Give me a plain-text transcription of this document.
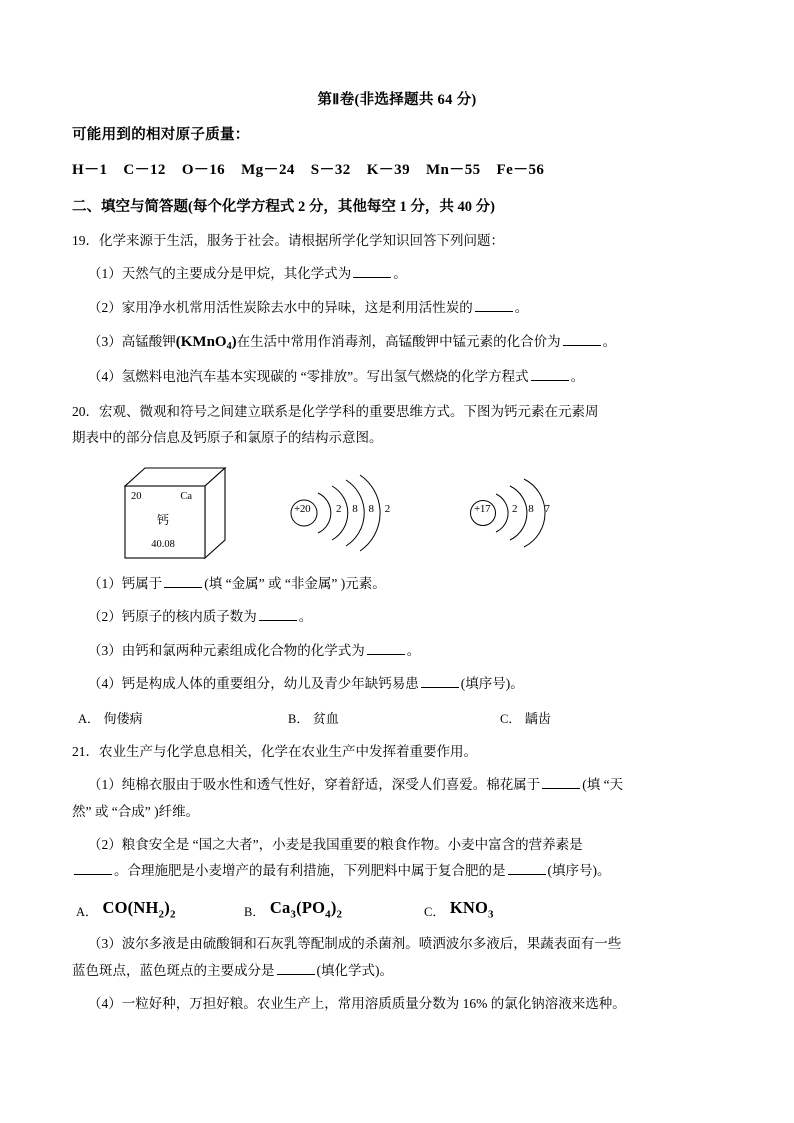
第Ⅱ卷(非选择题共 64 分)
可能用到的相对原子质量：
H－1 C－12 O－16 Mg－24 S－32 K－39 Mn－55 Fe－56
二、填空与简答题(每个化学方程式 2 分，其他每空 1 分，共 40 分)
19．化学来源于生活，服务于社会。请根据所学化学知识回答下列问题：
（1）天然气的主要成分是甲烷，其化学式为	。
（2）家用净水机常用活性炭除去水中的异味，这是利用活性炭的	。
（3）高锰酸钾(KMnO$_4$)在生活中常用作消毒剂，高锰酸钾中锰元素的化合价为	。
（4）氢燃料电池汽车基本实现碳的 “零排放”。写出氢气燃烧的化学方程式	。
20．宏观、微观和符号之间建立联系是化学学科的重要思维方式。下图为钙元素在元素周
期表中的部分信息及钙原子和氯原子的结构示意图。
20	Ca
钙
40.08
+20 2 8 8 2	+17 2 8 7
（1）钙属于	(填 “金属” 或 “非金属” )元素。
（2）钙原子的核内质子数为	。
（3）由钙和氯两种元素组成化合物的化学式为	。
（4）钙是构成人体的重要组分，幼儿及青少年缺钙易患	(填序号)。
A． 佝偻病	B． 贫血	C． 龋齿
21．农业生产与化学息息相关，化学在农业生产中发挥着重要作用。
（1）纯棉衣服由于吸水性和透气性好，穿着舒适，深受人们喜爱。棉花属于	(填 “天
然” 或 “合成” )纤维。
（2）粮食安全是 “国之大者”，小麦是我国重要的粮食作物。小麦中富含的营养素是
。合理施肥是小麦增产的最有利措施，下列肥料中属于复合肥的是	(填序号)。
A． $CO(NH_2)_2$	B． $Ca_3(PO_4)_2$	C． $KNO_3$
（3）波尔多液是由硫酸铜和石灰乳等配制成的杀菌剂。喷洒波尔多液后，果蔬表面有一些
蓝色斑点，蓝色斑点的主要成分是	(填化学式)。
（4）一粒好种，万担好粮。农业生产上，常用溶质质量分数为 16% 的氯化钠溶液来选种。
